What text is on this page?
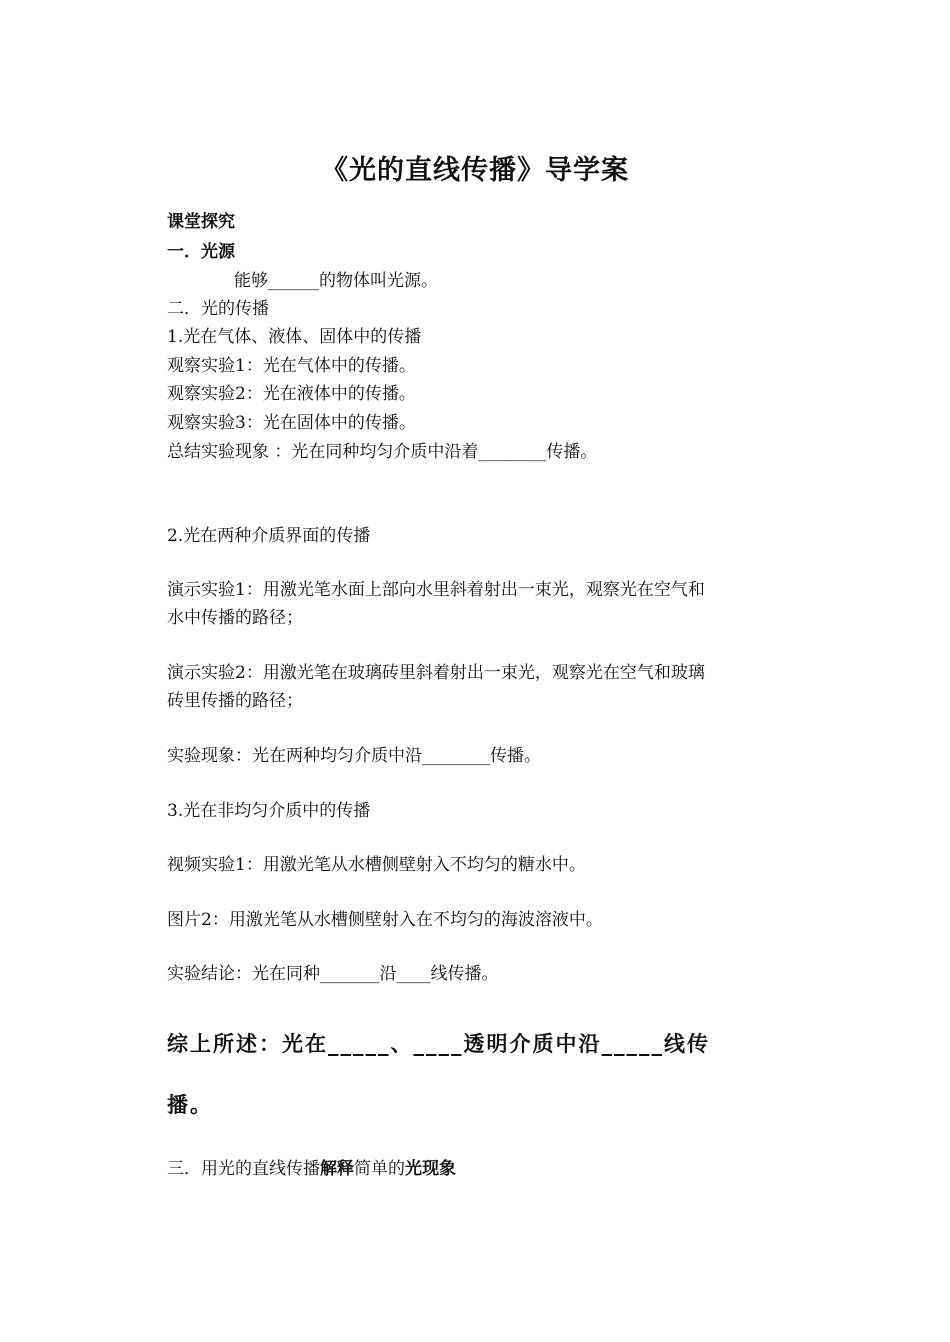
《光的直线传播》导学案
课堂探究
一．光源
能够______的物体叫光源。
二．光的传播
1.光在气体、液体、固体中的传播
观察实验1：光在气体中的传播。
观察实验2：光在液体中的传播。
观察实验3：光在固体中的传播。
总结实验现象 ：光在同种均匀介质中沿着________传播。
2.光在两种介质界面的传播
演示实验1：用激光笔水面上部向水里斜着射出一束光，观察光在空气和
水中传播的路径；
演示实验2：用激光笔在玻璃砖里斜着射出一束光，观察光在空气和玻璃
砖里传播的路径；
实验现象：光在两种均匀介质中沿________传播。
3.光在非均匀介质中的传播
视频实验1：用激光笔从水槽侧壁射入不均匀的糖水中。
图片2：用激光笔从水槽侧壁射入在不均匀的海波溶液中。
实验结论：光在同种_______沿____线传播。
综上所述：光在_____、____透明介质中沿_____线传
播。
三．用光的直线传播解释简单的光现象
